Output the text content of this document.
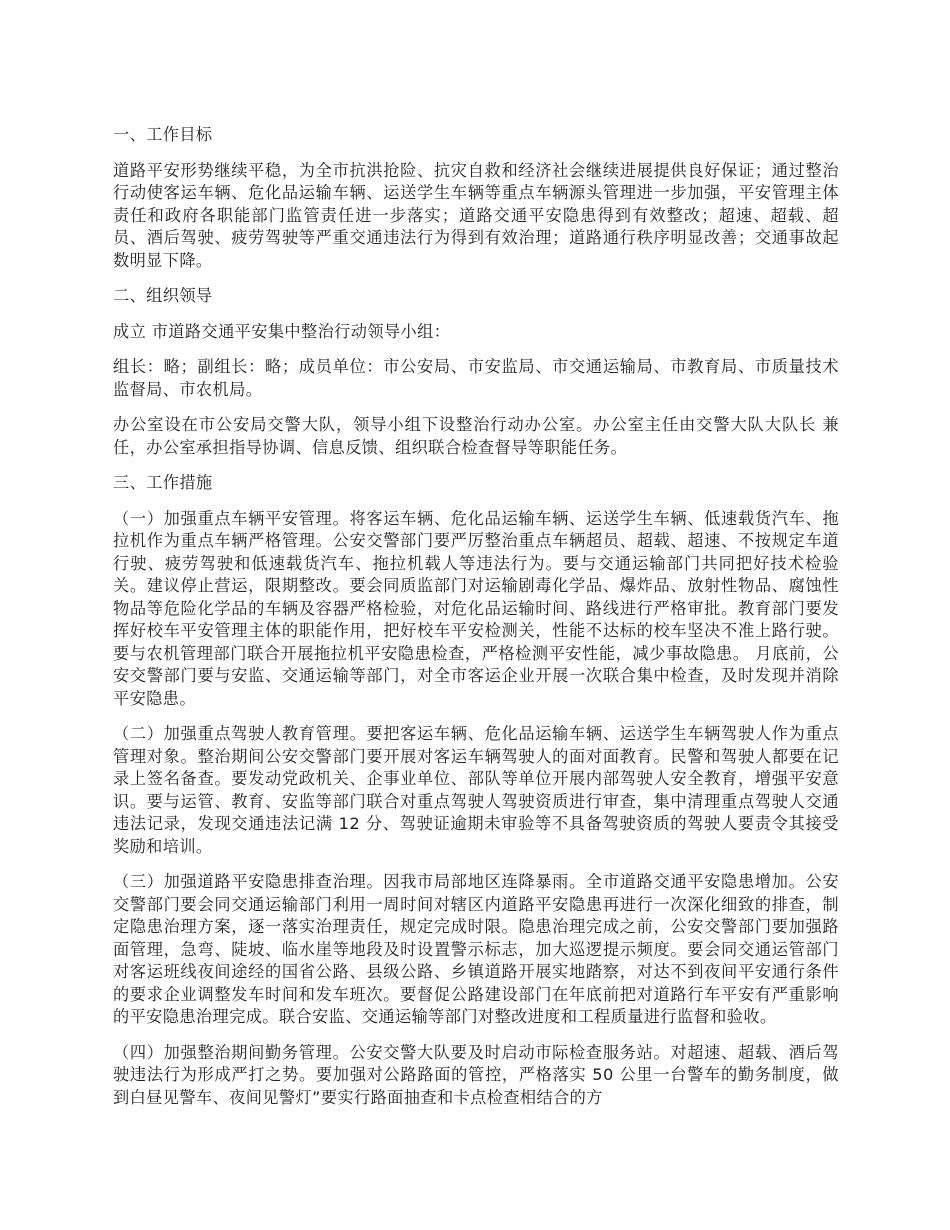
一、工作目标

道路平安形势继续平稳，为全市抗洪抢险、抗灾自救和经济社会继续进展提供良好保证；通过整治行动使客运车辆、危化品运输车辆、运送学生车辆等重点车辆源头管理进一步加强，平安管理主体责任和政府各职能部门监管责任进一步落实；道路交通平安隐患得到有效整改；超速、超载、超员、酒后驾驶、疲劳驾驶等严重交通违法行为得到有效治理；道路通行秩序明显改善；交通事故起数明显下降。

二、组织领导

成立 市道路交通平安集中整治行动领导小组：

组长：略；副组长：略；成员单位：市公安局、市安监局、市交通运输局、市教育局、市质量技术监督局、市农机局。

办公室设在市公安局交警大队，领导小组下设整治行动办公室。办公室主任由交警大队大队长 兼任，办公室承担指导协调、信息反馈、组织联合检查督导等职能任务。

三、工作措施

（一）加强重点车辆平安管理。将客运车辆、危化品运输车辆、运送学生车辆、低速载货汽车、拖拉机作为重点车辆严格管理。公安交警部门要严厉整治重点车辆超员、超载、超速、不按规定车道行驶、疲劳驾驶和低速载货汽车、拖拉机载人等违法行为。要与交通运输部门共同把好技术检验关。建议停止营运，限期整改。要会同质监部门对运输剧毒化学品、爆炸品、放射性物品、腐蚀性物品等危险化学品的车辆及容器严格检验，对危化品运输时间、路线进行严格审批。教育部门要发挥好校车平安管理主体的职能作用，把好校车平安检测关，性能不达标的校车坚决不准上路行驶。要与农机管理部门联合开展拖拉机平安隐患检查，严格检测平安性能，减少事故隐患。 月底前，公安交警部门要与安监、交通运输等部门，对全市客运企业开展一次联合集中检查，及时发现并消除平安隐患。

（二）加强重点驾驶人教育管理。要把客运车辆、危化品运输车辆、运送学生车辆驾驶人作为重点管理对象。整治期间公安交警部门要开展对客运车辆驾驶人的面对面教育。民警和驾驶人都要在记录上签名备查。要发动党政机关、企事业单位、部队等单位开展内部驾驶人安全教育，增强平安意识。要与运管、教育、安监等部门联合对重点驾驶人驾驶资质进行审查，集中清理重点驾驶人交通违法记录，发现交通违法记满 12 分、驾驶证逾期未审验等不具备驾驶资质的驾驶人要责令其接受奖励和培训。

（三）加强道路平安隐患排查治理。因我市局部地区连降暴雨。全市道路交通平安隐患增加。公安交警部门要会同交通运输部门利用一周时间对辖区内道路平安隐患再进行一次深化细致的排查，制定隐患治理方案，逐一落实治理责任，规定完成时限。隐患治理完成之前，公安交警部门要加强路面管理，急弯、陡坡、临水崖等地段及时设置警示标志，加大巡逻提示频度。要会同交通运管部门对客运班线夜间途经的国省公路、县级公路、乡镇道路开展实地踏察，对达不到夜间平安通行条件的要求企业调整发车时间和发车班次。要督促公路建设部门在年底前把对道路行车平安有严重影响的平安隐患治理完成。联合安监、交通运输等部门对整改进度和工程质量进行监督和验收。

（四）加强整治期间勤务管理。公安交警大队要及时启动市际检查服务站。对超速、超载、酒后驾驶违法行为形成严打之势。要加强对公路路面的管控，严格落实 50 公里一台警车的勤务制度，做到白昼见警车、夜间见警灯”要实行路面抽查和卡点检查相结合的方
